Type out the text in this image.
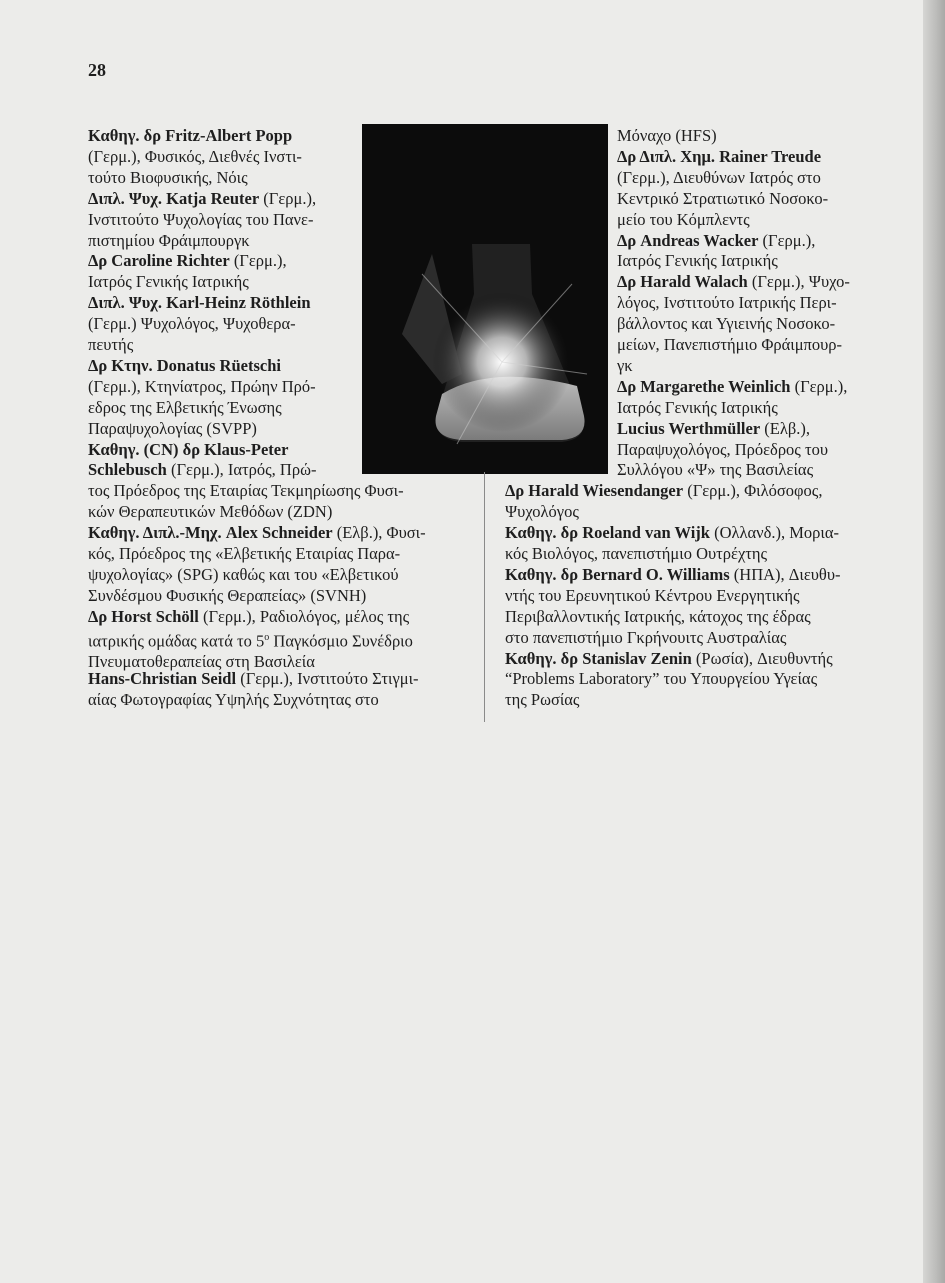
28
Καθηγ. δρ Fritz-Albert Popp
(Γερμ.), Φυσικός, Διεθνές Ινστι-
τούτο Βιοφυσικής, Νόις
Διπλ. Ψυχ. Katja Reuter (Γερμ.),
Ινστιτούτο Ψυχολογίας του Πανε-
πιστημίου Φράιμπουργκ
Δρ Caroline Richter (Γερμ.),
Ιατρός Γενικής Ιατρικής
Διπλ. Ψυχ. Karl-Heinz Röthlein
(Γερμ.) Ψυχολόγος, Ψυχοθερα-
πευτής
Δρ Κτην. Donatus Rüetschi
(Γερμ.), Κτηνίατρος, Πρώην Πρό-
εδρος της Ελβετικής Ένωσης
Παραψυχολογίας (SVPP)
Καθηγ. (CN) δρ Klaus-Peter
Schlebusch (Γερμ.), Ιατρός, Πρώ-
τος Πρόεδρος της Εταιρίας Τεκμηρίωσης Φυσι-
κών Θεραπευτικών Μεθόδων (ZDN)
Καθηγ. Διπλ.-Μηχ. Alex Schneider (Ελβ.), Φυσι-
κός, Πρόεδρος της «Ελβετικής Εταιρίας Παρα-
ψυχολογίας» (SPG) καθώς και του «Ελβετικού
Συνδέσμου Φυσικής Θεραπείας» (SVNH)
Δρ Horst Schöll (Γερμ.), Ραδιολόγος, μέλος της
ιατρικής ομάδας κατά το $5^o$ Παγκόσμιο Συνέδριο
Πνευματοθεραπείας στη Βασιλεία
Hans-Christian Seidl (Γερμ.), Ινστιτούτο Στιγμι-
αίας Φωτογραφίας Υψηλής Συχνότητας στο
Μόναχο (HFS)
Δρ Διπλ. Χημ. Rainer Treude
(Γερμ.), Διευθύνων Ιατρός στο
Κεντρικό Στρατιωτικό Νοσοκο-
μείο του Κόμπλεντς
Δρ Andreas Wacker (Γερμ.),
Ιατρός Γενικής Ιατρικής
Δρ Harald Walach (Γερμ.), Ψυχο-
λόγος, Ινστιτούτο Ιατρικής Περι-
βάλλοντος και Υγιεινής Νοσοκο-
μείων, Πανεπιστήμιο Φράιμπουρ-
γκ
Δρ Margarethe Weinlich (Γερμ.),
Ιατρός Γενικής Ιατρικής
Lucius Werthmüller (Ελβ.),
Παραψυχολόγος, Πρόεδρος του
Συλλόγου «Ψ» της Βασιλείας
Δρ Harald Wiesendanger (Γερμ.), Φιλόσοφος,
Ψυχολόγος
Καθηγ. δρ Roeland van Wijk (Ολλανδ.), Μορια-
κός Βιολόγος, πανεπιστήμιο Ουτρέχτης
Καθηγ. δρ Bernard O. Williams (ΗΠΑ), Διευθυ-
ντής του Ερευνητικού Κέντρου Ενεργητικής
Περιβαλλοντικής Ιατρικής, κάτοχος της έδρας
στο πανεπιστήμιο Γκρήνουιτς Αυστραλίας
Καθηγ. δρ Stanislav Zenin (Ρωσία), Διευθυντής
“Problems Laboratory” του Υπουργείου Υγείας
της Ρωσίας
